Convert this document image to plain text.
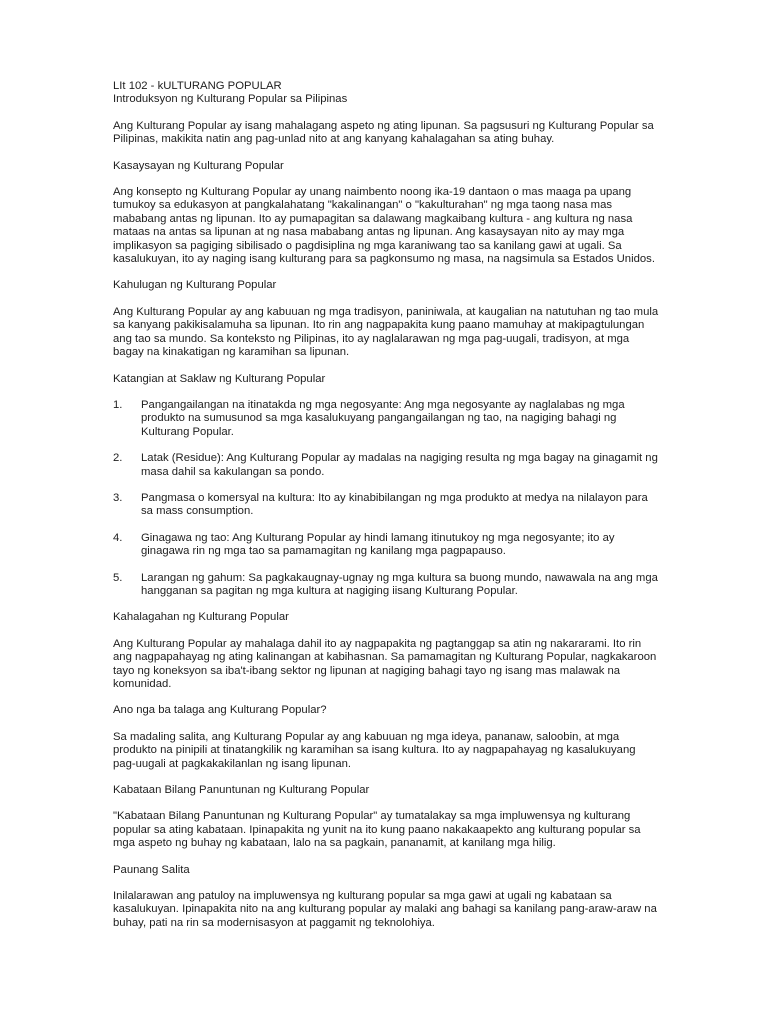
LIt 102 - kULTURANG POPULAR

Introduksyon ng Kulturang Popular sa Pilipinas

Ang Kulturang Popular ay isang mahalagang aspeto ng ating lipunan. Sa pagsusuri ng Kulturang Popular sa Pilipinas, makikita natin ang pag-unlad nito at ang kanyang kahalagahan sa ating buhay.

Kasaysayan ng Kulturang Popular

Ang konsepto ng Kulturang Popular ay unang naimbento noong ika-19 dantaon o mas maaga pa upang tumukoy sa edukasyon at pangkalahatang "kakalinangan" o "kakulturahan" ng mga taong nasa mas mababang antas ng lipunan. Ito ay pumapagitan sa dalawang magkaibang kultura - ang kultura ng nasa mataas na antas sa lipunan at ng nasa mababang antas ng lipunan. Ang kasaysayan nito ay may mga implikasyon sa pagiging sibilisado o pagdisiplina ng mga karaniwang tao sa kanilang gawi at ugali. Sa kasalukuyan, ito ay naging isang kulturang para sa pagkonsumo ng masa, na nagsimula sa Estados Unidos.

Kahulugan ng Kulturang Popular

Ang Kulturang Popular ay ang kabuuan ng mga tradisyon, paniniwala, at kaugalian na natutuhan ng tao mula sa kanyang pakikisalamuha sa lipunan. Ito rin ang nagpapakita kung paano mamuhay at makipagtulungan ang tao sa mundo. Sa konteksto ng Pilipinas, ito ay naglalarawan ng mga pag-uugali, tradisyon, at mga bagay na kinakatigan ng karamihan sa lipunan.

Katangian at Saklaw ng Kulturang Popular

1.	Pangangailangan na itinatakda ng mga negosyante: Ang mga negosyante ay naglalabas ng mga produkto na sumusunod sa mga kasalukuyang pangangailangan ng tao, na nagiging bahagi ng Kulturang Popular.
2.	Latak (Residue): Ang Kulturang Popular ay madalas na nagiging resulta ng mga bagay na ginagamit ng masa dahil sa kakulangan sa pondo.
3.	Pangmasa o komersyal na kultura: Ito ay kinabibilangan ng mga produkto at medya na nilalayon para sa mass consumption.
4.	Ginagawa ng tao: Ang Kulturang Popular ay hindi lamang itinutukoy ng mga negosyante; ito ay ginagawa rin ng mga tao sa pamamagitan ng kanilang mga pagpapauso.
5.	Larangan ng gahum: Sa pagkakaugnay-ugnay ng mga kultura sa buong mundo, nawawala na ang mga hangganan sa pagitan ng mga kultura at nagiging iisang Kulturang Popular.

Kahalagahan ng Kulturang Popular

Ang Kulturang Popular ay mahalaga dahil ito ay nagpapakita ng pagtanggap sa atin ng nakararami. Ito rin ang nagpapahayag ng ating kalinangan at kabihasnan. Sa pamamagitan ng Kulturang Popular, nagkakaroon tayo ng koneksyon sa iba't-ibang sektor ng lipunan at nagiging bahagi tayo ng isang mas malawak na komunidad.

Ano nga ba talaga ang Kulturang Popular?

Sa madaling salita, ang Kulturang Popular ay ang kabuuan ng mga ideya, pananaw, saloobin, at mga produkto na pinipili at tinatangkilik ng karamihan sa isang kultura. Ito ay nagpapahayag ng kasalukuyang pag-uugali at pagkakakilanlan ng isang lipunan.

Kabataan Bilang Panuntunan ng Kulturang Popular

"Kabataan Bilang Panuntunan ng Kulturang Popular" ay tumatalakay sa mga impluwensya ng kulturang popular sa ating kabataan. Ipinapakita ng yunit na ito kung paano nakakaapekto ang kulturang popular sa mga aspeto ng buhay ng kabataan, lalo na sa pagkain, pananamit, at kanilang mga hilig.

Paunang Salita

Inilalarawan ang patuloy na impluwensya ng kulturang popular sa mga gawi at ugali ng kabataan sa kasalukuyan. Ipinapakita nito na ang kulturang popular ay malaki ang bahagi sa kanilang pang-araw-araw na buhay, pati na rin sa modernisasyon at paggamit ng teknolohiya.
